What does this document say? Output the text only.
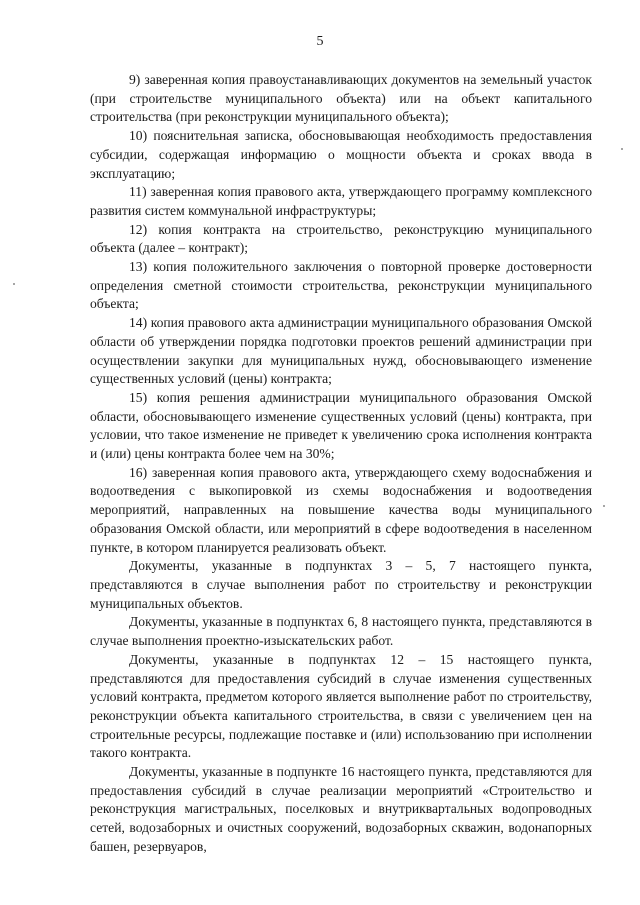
5

9) заверенная копия правоустанавливающих документов на земельный участок (при строительстве муниципального объекта) или на объект капитального строительства (при реконструкции муниципального объекта);

10) пояснительная записка, обосновывающая необходимость предоставления субсидии, содержащая информацию о мощности объекта и сроках ввода в эксплуатацию;

11) заверенная копия правового акта, утверждающего программу комплексного развития систем коммунальной инфраструктуры;

12) копия контракта на строительство, реконструкцию муниципального объекта (далее – контракт);

13) копия положительного заключения о повторной проверке достоверности определения сметной стоимости строительства, реконструкции муниципального объекта;

14) копия правового акта администрации муниципального образования Омской области об утверждении порядка подготовки проектов решений администрации при осуществлении закупки для муниципальных нужд, обосновывающего изменение существенных условий (цены) контракта;

15) копия решения администрации муниципального образования Омской области, обосновывающего изменение существенных условий (цены) контракта, при условии, что такое изменение не приведет к увеличению срока исполнения контракта и (или) цены контракта более чем на 30%;

16) заверенная копия правового акта, утверждающего схему водоснабжения и водоотведения с выкопировкой из схемы водоснабжения и водоотведения мероприятий, направленных на повышение качества воды муниципального образования Омской области, или мероприятий в сфере водоотведения в населенном пункте, в котором планируется реализовать объект.

Документы, указанные в подпунктах 3 – 5, 7 настоящего пункта, представляются в случае выполнения работ по строительству и реконструкции муниципальных объектов.

Документы, указанные в подпунктах 6, 8 настоящего пункта, представляются в случае выполнения проектно-изыскательских работ.

Документы, указанные в подпунктах 12 – 15 настоящего пункта, представляются для предоставления субсидий в случае изменения существенных условий контракта, предметом которого является выполнение работ по строительству, реконструкции объекта капитального строительства, в связи с увеличением цен на строительные ресурсы, подлежащие поставке и (или) использованию при исполнении такого контракта.

Документы, указанные в подпункте 16 настоящего пункта, представляются для предоставления субсидий в случае реализации мероприятий «Строительство и реконструкция магистральных, поселковых и внутриквартальных водопроводных сетей, водозаборных и очистных сооружений, водозаборных скважин, водонапорных башен, резервуаров,
